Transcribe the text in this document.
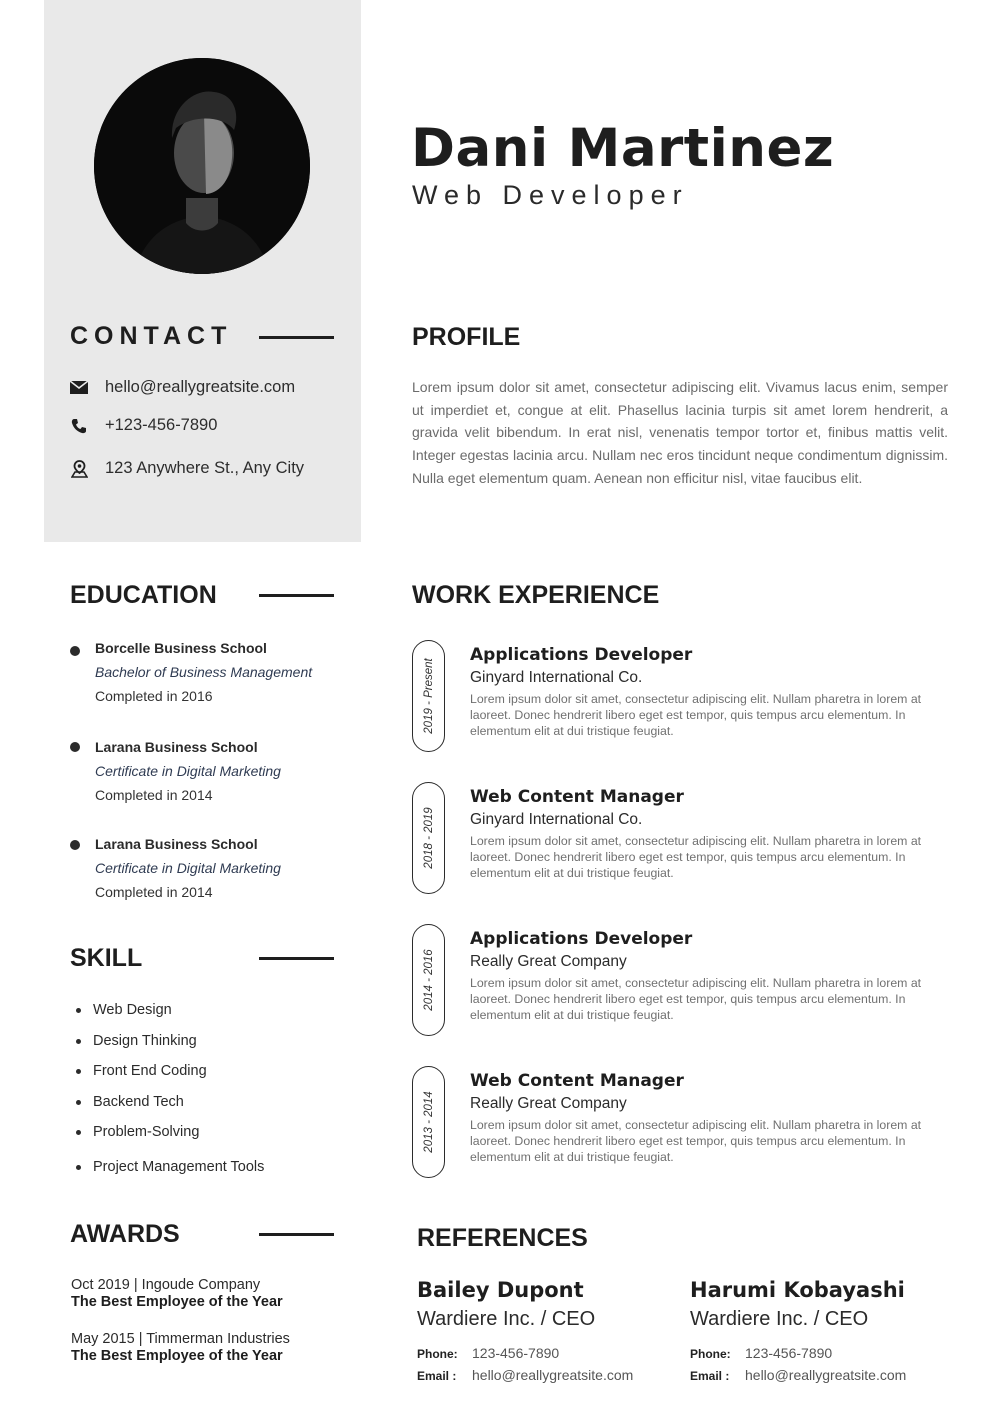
Dani Martinez
Web Developer
CONTACT
hello@reallygreatsite.com
+123-456-7890
123 Anywhere St., Any City
PROFILE
Lorem ipsum dolor sit amet, consectetur adipiscing elit. Vivamus lacus enim, semper ut imperdiet et, congue at elit. Phasellus lacinia turpis sit amet lorem hendrerit, a gravida velit bibendum. In erat nisl, venenatis tempor tortor et, finibus mattis velit. Integer egestas lacinia arcu. Nullam nec eros tincidunt neque condimentum dignissim. Nulla eget elementum quam. Aenean non efficitur nisl, vitae faucibus elit.
EDUCATION
Borcelle Business School
Bachelor of Business Management
Completed in 2016
Larana Business School
Certificate in Digital Marketing
Completed in 2014
Larana Business School
Certificate in Digital Marketing
Completed in 2014
SKILL
Web Design
Design Thinking
Front End Coding
Backend Tech
Problem-Solving
Project Management Tools
AWARDS
Oct 2019 | Ingoude Company
The Best Employee of the Year
May 2015 | Timmerman Industries
The Best Employee of the Year
WORK EXPERIENCE
2019 - Present
Applications Developer
Ginyard International Co.
Lorem ipsum dolor sit amet, consectetur adipiscing elit. Nullam pharetra in lorem at laoreet. Donec hendrerit libero eget est tempor, quis tempus arcu elementum. In elementum elit at dui tristique feugiat.
2018 - 2019
Web Content Manager
Ginyard International Co.
Lorem ipsum dolor sit amet, consectetur adipiscing elit. Nullam pharetra in lorem at laoreet. Donec hendrerit libero eget est tempor, quis tempus arcu elementum. In elementum elit at dui tristique feugiat.
2014 - 2016
Applications Developer
Really Great Company
Lorem ipsum dolor sit amet, consectetur adipiscing elit. Nullam pharetra in lorem at laoreet. Donec hendrerit libero eget est tempor, quis tempus arcu elementum. In elementum elit at dui tristique feugiat.
2013 - 2014
Web Content Manager
Really Great Company
Lorem ipsum dolor sit amet, consectetur adipiscing elit. Nullam pharetra in lorem at laoreet. Donec hendrerit libero eget est tempor, quis tempus arcu elementum. In elementum elit at dui tristique feugiat.
REFERENCES
Bailey Dupont
Wardiere Inc. / CEO
Phone: 123-456-7890
Email : hello@reallygreatsite.com
Harumi Kobayashi
Wardiere Inc. / CEO
Phone: 123-456-7890
Email : hello@reallygreatsite.com
